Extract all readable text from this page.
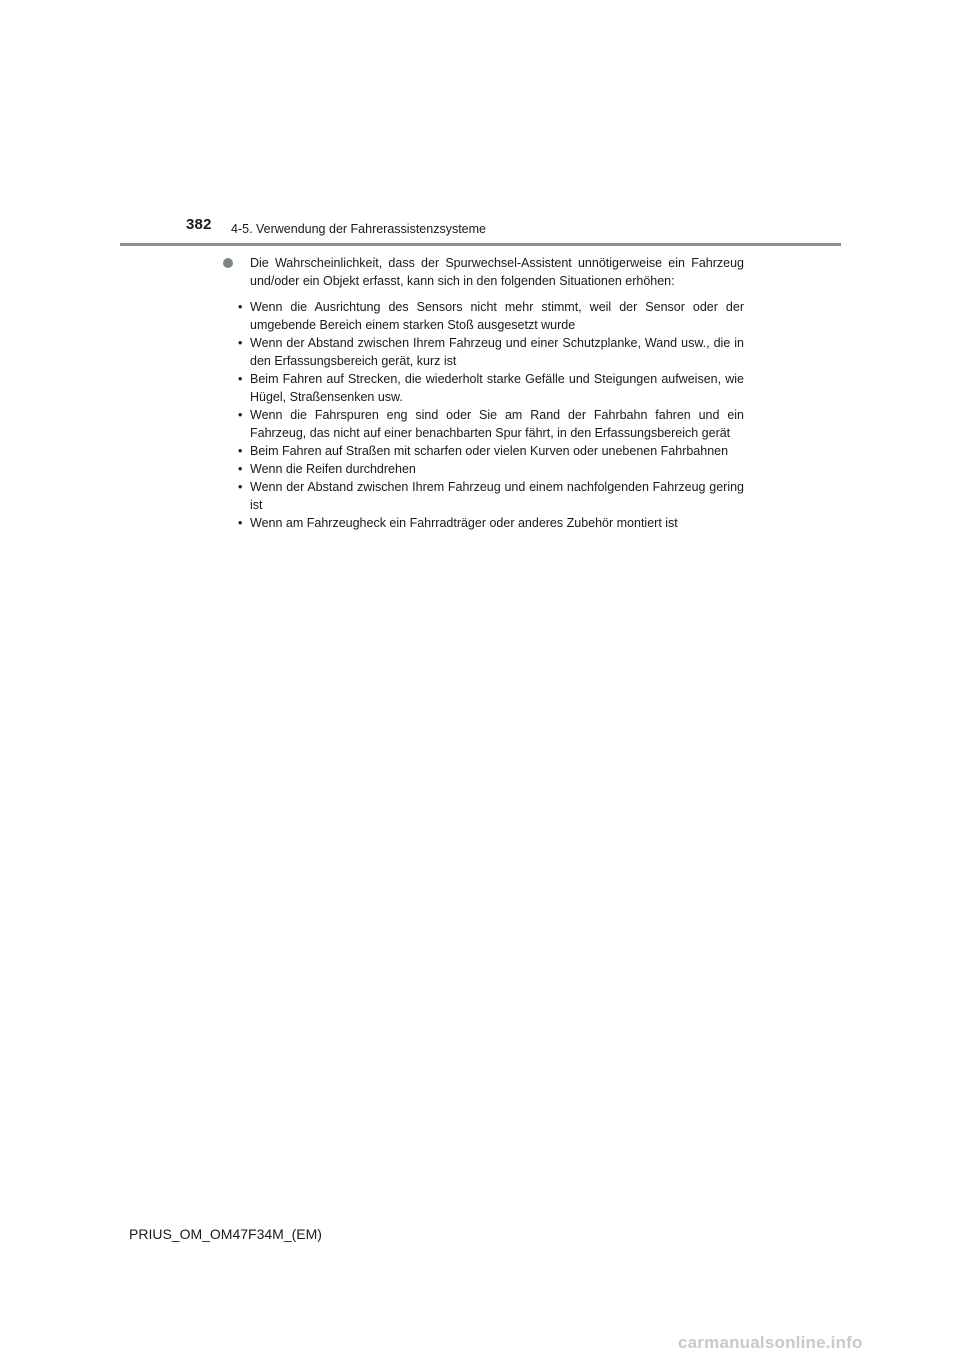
382 4-5. Verwendung der Fahrerassistenzsysteme
Die Wahrscheinlichkeit, dass der Spurwechsel-Assistent unnötigerweise ein Fahrzeug und/oder ein Objekt erfasst, kann sich in den folgenden Situationen erhöhen:
• Wenn die Ausrichtung des Sensors nicht mehr stimmt, weil der Sensor oder der umgebende Bereich einem starken Stoß ausgesetzt wurde
• Wenn der Abstand zwischen Ihrem Fahrzeug und einer Schutzplanke, Wand usw., die in den Erfassungsbereich gerät, kurz ist
• Beim Fahren auf Strecken, die wiederholt starke Gefälle und Steigungen aufweisen, wie Hügel, Straßensenken usw.
• Wenn die Fahrspuren eng sind oder Sie am Rand der Fahrbahn fahren und ein Fahrzeug, das nicht auf einer benachbarten Spur fährt, in den Erfassungsbereich gerät
• Beim Fahren auf Straßen mit scharfen oder vielen Kurven oder unebenen Fahrbahnen
• Wenn die Reifen durchdrehen
• Wenn der Abstand zwischen Ihrem Fahrzeug und einem nachfolgenden Fahrzeug gering ist
• Wenn am Fahrzeugheck ein Fahrradträger oder anderes Zubehör montiert ist
PRIUS_OM_OM47F34M_(EM)
carmanualsonline.info
